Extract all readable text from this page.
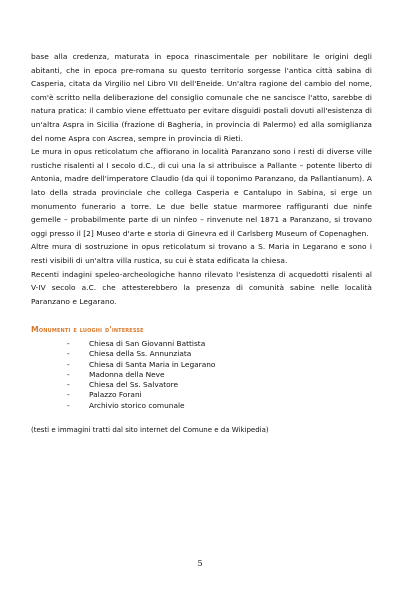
base alla credenza, maturata in epoca rinascimentale per nobilitare le origini degli abitanti, che in epoca pre-romana su questo territorio sorgesse l'antica città sabina di Casperia, citata da Virgilio nel Libro VII dell'Eneide. Un'altra ragione del cambio del nome, com'è scritto nella deliberazione del consiglio comunale che ne sancisce l'atto, sarebbe di natura pratica: il cambio viene effettuato per evitare disguidi postali dovuti all'esistenza di un'altra Aspra in Sicilia (frazione di Bagheria, in provincia di Palermo) ed alla somiglianza del nome Aspra con Ascrea, sempre in provincia di Rieti.

Le mura in opus reticolatum che affiorano in località Paranzano sono i resti di diverse ville rustiche risalenti al I secolo d.C., di cui una la si attribuisce a Pallante – potente liberto di Antonia, madre dell'imperatore Claudio (da qui il toponimo Paranzano, da Pallantianum). A lato della strada provinciale che collega Casperia e Cantalupo in Sabina, si erge un monumento funerario a torre. Le due belle statue marmoree raffiguranti due ninfe gemelle – probabilmente parte di un ninfeo – rinvenute nel 1871 a Paranzano, si trovano oggi presso il [2] Museo d'arte e storia di Ginevra ed il Carlsberg Museum of Copenaghen.

Altre mura di sostruzione in opus reticolatum si trovano a S. Maria in Legarano e sono i resti visibili di un'altra villa rustica, su cui è stata edificata la chiesa.

Recenti indagini speleo-archeologiche hanno rilevato l'esistenza di acquedotti risalenti al V-IV secolo a.C. che attesterebbero la presenza di comunità sabine nelle località Paranzano e Legarano.

Monumenti e luoghi d'interesse
-	Chiesa di San Giovanni Battista
-	Chiesa della Ss. Annunziata
-	Chiesa di Santa Maria in Legarano
-	Madonna della Neve
-	Chiesa del Ss. Salvatore
-	Palazzo Forani
-	Archivio storico comunale

(testi e immagini tratti dal sito internet del Comune e da Wikipedia)

5
